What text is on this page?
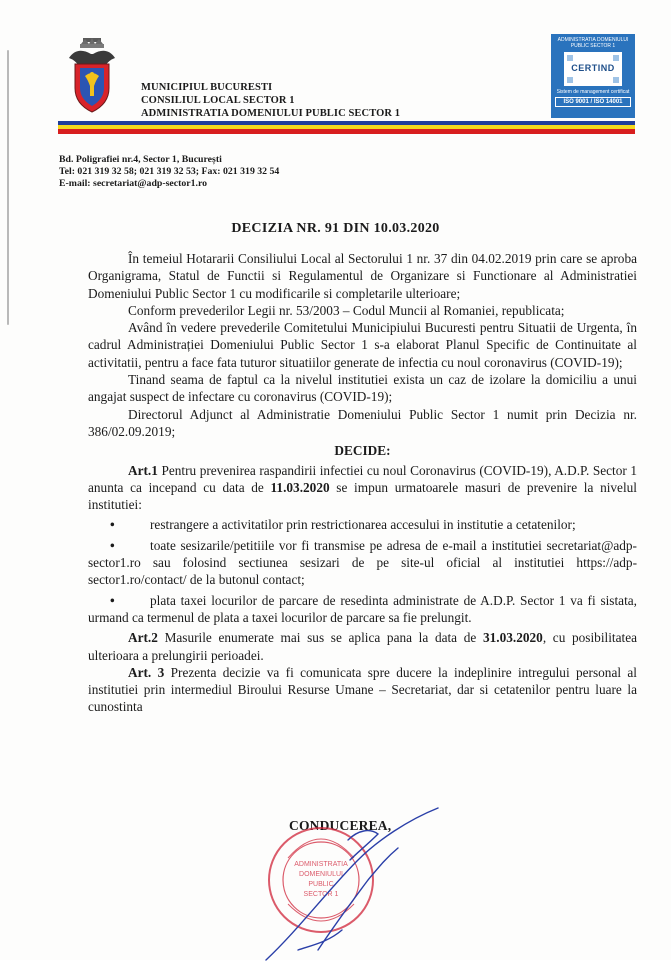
MUNICIPIUL BUCURESTI
CONSILIUL LOCAL SECTOR 1
ADMINISTRATIA DOMENIULUI PUBLIC SECTOR 1
ADMINISTRATIA DOMENIULUI PUBLIC SECTOR 1
CERTIND
Sistem de management certificat
ISO 9001 / ISO 14001
Bd. Poligrafiei nr.4, Sector 1, București
Tel: 021 319 32 58; 021 319 32 53; Fax: 021 319 32 54
E-mail: secretariat@adp-sector1.ro
DECIZIA NR. 91 DIN 10.03.2020

În temeiul Hotararii Consiliului Local al Sectorului 1 nr. 37 din 04.02.2019 prin care se aproba Organigrama, Statul de Functii si Regulamentul de Organizare si Functionare al Administratiei Domeniului Public Sector 1 cu modificarile si completarile ulterioare;

Conform prevederilor Legii nr. 53/2003 – Codul Muncii al Romaniei, republicata;

Având în vedere prevederile Comitetului Municipiului Bucuresti pentru Situatii de Urgenta, în cadrul Administrației Domeniului Public Sector 1 s-a elaborat Planul Specific de Continuitate al activitatii, pentru a face fata tuturor situatiilor generate de infectia cu noul coronavirus (COVID-19);

Tinand seama de faptul ca la nivelul institutiei exista un caz de izolare la domiciliu a unui angajat suspect de infectare cu coronavirus (COVID-19);

Directorul Adjunct al Administratie Domeniului Public Sector 1 numit prin Decizia nr. 386/02.09.2019;

DECIDE:

Art.1 Pentru prevenirea raspandirii infectiei cu noul Coronavirus (COVID-19), A.D.P. Sector 1 anunta ca incepand cu data de 11.03.2020 se impun urmatoarele masuri de prevenire la nivelul institutiei:

•	restrangere a activitatilor prin restrictionarea accesului in institutie a cetatenilor;
•	toate sesizarile/petitiile vor fi transmise pe adresa de e-mail a institutiei secretariat@adp-sector1.ro sau folosind sectiunea sesizari de pe site-ul oficial al institutiei https://adp-sector1.ro/contact/ de la butonul contact;
•	plata taxei locurilor de parcare de resedinta administrate de A.D.P. Sector 1 va fi sistata, urmand ca termenul de plata a taxei locurilor de parcare sa fie prelungit.

Art.2 Masurile enumerate mai sus se aplica pana la data de 31.03.2020, cu posibilitatea ulterioara a prelungirii perioadei.

Art. 3 Prezenta decizie va fi comunicata spre ducere la indeplinire intregului personal al institutiei prin intermediul Biroului Resurse Umane – Secretariat, dar si cetatenilor pentru luare la cunostinta

CONDUCEREA,
ADMINISTRATIA
DOMENIULUI
PUBLIC
SECTOR 1
